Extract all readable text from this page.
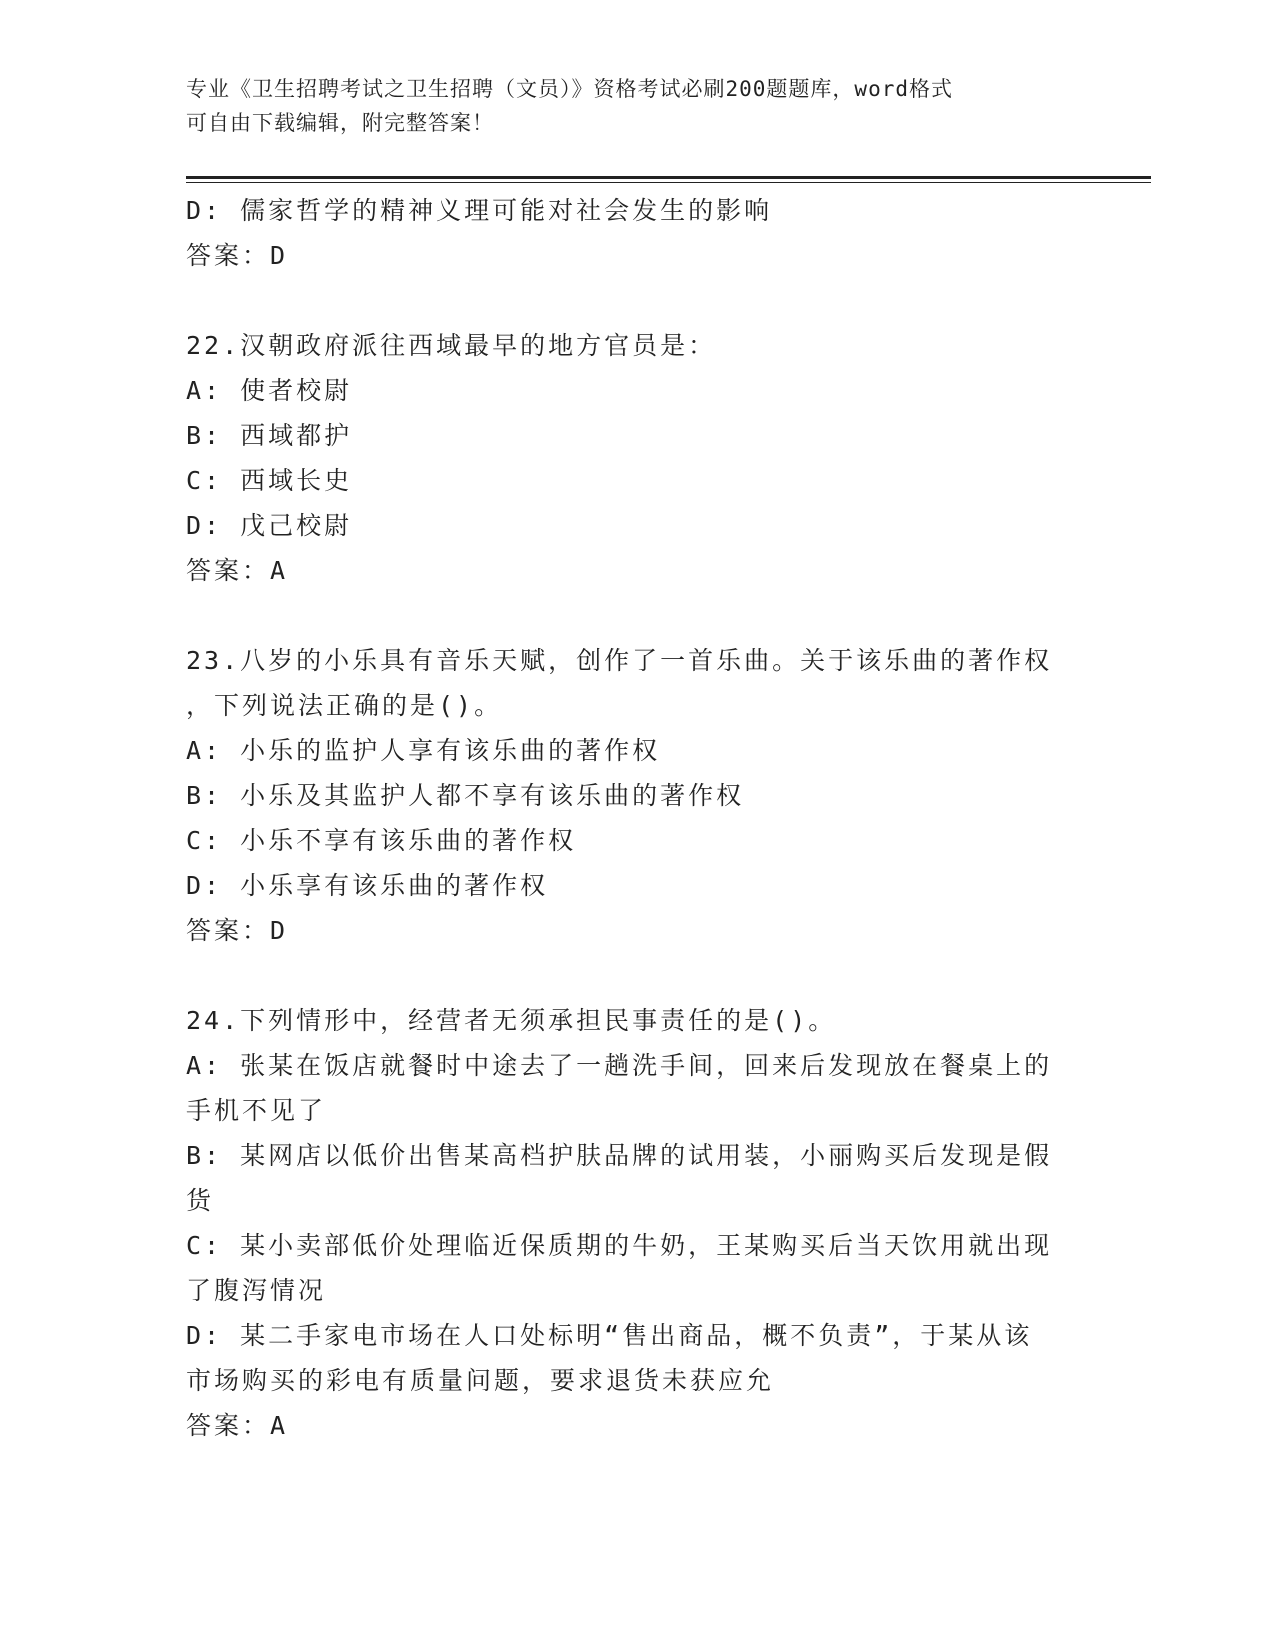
专业《卫生招聘考试之卫生招聘（文员）》资格考试必刷200题题库，word格式
可自由下载编辑，附完整答案！
D: 儒家哲学的精神义理可能对社会发生的影响
答案：D
22.汉朝政府派往西域最早的地方官员是：
A: 使者校尉
B: 西域都护
C: 西域长史
D: 戊己校尉
答案：A
23.八岁的小乐具有音乐天赋，创作了一首乐曲。关于该乐曲的著作权
，下列说法正确的是()。
A: 小乐的监护人享有该乐曲的著作权
B: 小乐及其监护人都不享有该乐曲的著作权
C: 小乐不享有该乐曲的著作权
D: 小乐享有该乐曲的著作权
答案：D
24.下列情形中，经营者无须承担民事责任的是()。
A: 张某在饭店就餐时中途去了一趟洗手间，回来后发现放在餐桌上的
手机不见了
B: 某网店以低价出售某高档护肤品牌的试用装，小丽购买后发现是假
货
C: 某小卖部低价处理临近保质期的牛奶，王某购买后当天饮用就出现
了腹泻情况
D: 某二手家电市场在人口处标明“售出商品，概不负责”，于某从该
市场购买的彩电有质量问题，要求退货未获应允
答案：A
